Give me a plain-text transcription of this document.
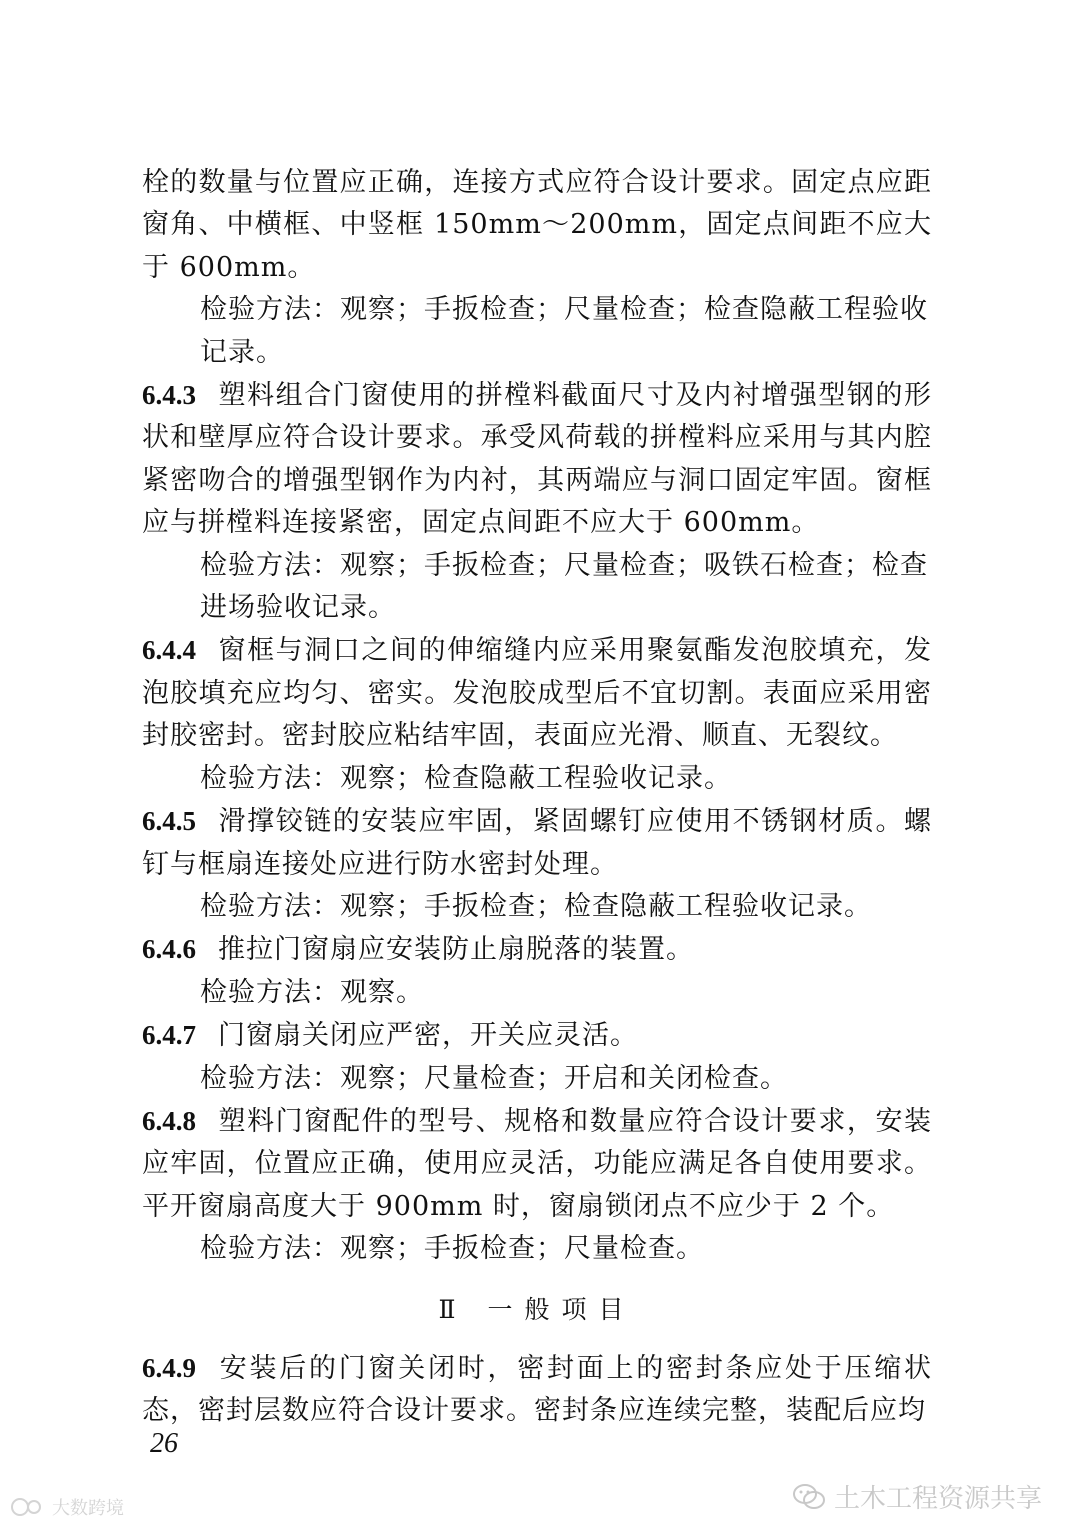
栓的数量与位置应正确，连接方式应符合设计要求。固定点应距窗角、中横框、中竖框 150mm～200mm，固定点间距不应大于 600mm。

检验方法：观察；手扳检查；尺量检查；检查隐蔽工程验收记录。

6.4.3 塑料组合门窗使用的拼樘料截面尺寸及内衬增强型钢的形状和壁厚应符合设计要求。承受风荷载的拼樘料应采用与其内腔紧密吻合的增强型钢作为内衬，其两端应与洞口固定牢固。窗框应与拼樘料连接紧密，固定点间距不应大于 600mm。

检验方法：观察；手扳检查；尺量检查；吸铁石检查；检查进场验收记录。

6.4.4 窗框与洞口之间的伸缩缝内应采用聚氨酯发泡胶填充，发泡胶填充应均匀、密实。发泡胶成型后不宜切割。表面应采用密封胶密封。密封胶应粘结牢固，表面应光滑、顺直、无裂纹。

检验方法：观察；检查隐蔽工程验收记录。

6.4.5 滑撑铰链的安装应牢固，紧固螺钉应使用不锈钢材质。螺钉与框扇连接处应进行防水密封处理。

检验方法：观察；手扳检查；检查隐蔽工程验收记录。

6.4.6 推拉门窗扇应安装防止扇脱落的装置。

检验方法：观察。

6.4.7 门窗扇关闭应严密，开关应灵活。

检验方法：观察；尺量检查；开启和关闭检查。

6.4.8 塑料门窗配件的型号、规格和数量应符合设计要求，安装应牢固，位置应正确，使用应灵活，功能应满足各自使用要求。平开窗扇高度大于 900mm 时，窗扇锁闭点不应少于 2 个。

检验方法：观察；手扳检查；尺量检查。

Ⅱ 一般项目

6.4.9 安装后的门窗关闭时，密封面上的密封条应处于压缩状态，密封层数应符合设计要求。密封条应连续完整，装配后应均

26
土木工程资源共享
大数跨境
